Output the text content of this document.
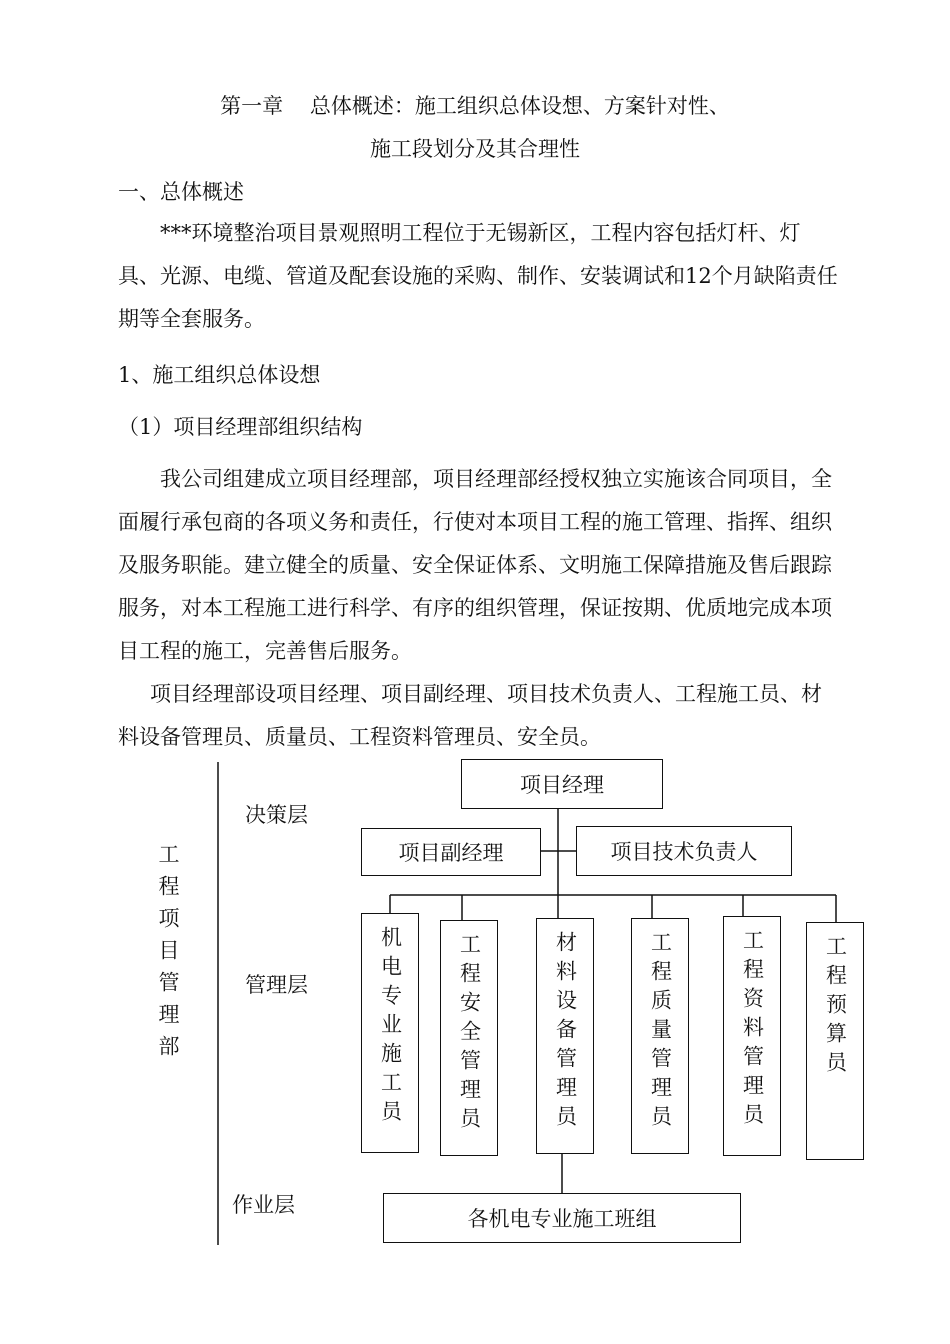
第一章    总体概述：施工组织总体设想、方案针对性、
施工段划分及其合理性
一、总体概述
***环境整治项目景观照明工程位于无锡新区，工程内容包括灯杆、灯具、光源、电缆、管道及配套设施的采购、制作、安装调试和12个月缺陷责任期等全套服务。
1、施工组织总体设想
（1）项目经理部组织结构
我公司组建成立项目经理部，项目经理部经授权独立实施该合同项目，全面履行承包商的各项义务和责任，行使对本项目工程的施工管理、指挥、组织及服务职能。建立健全的质量、安全保证体系、文明施工保障措施及售后跟踪服务，对本工程施工进行科学、有序的组织管理，保证按期、优质地完成本项目工程的施工，完善售后服务。
项目经理部设项目经理、项目副经理、项目技术负责人、工程施工员、材料设备管理员、质量员、工程资料管理员、安全员。
决策层
管理层
作业层
工程项目管理部
项目经理
项目副经理	项目技术负责人
机电专业施工员	工程安全管理员	材料设备管理员	工程质量管理员	工程资料管理员	工程预算员
各机电专业施工班组
